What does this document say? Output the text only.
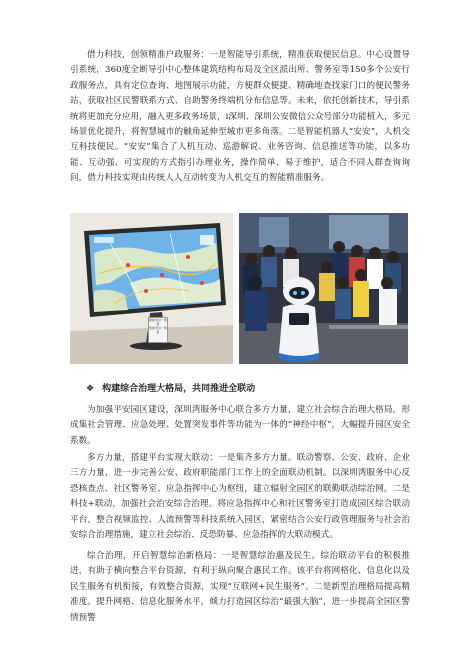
借力科技，创领精准户政服务：一是智能导引系统，精准获取便民信息。中心设置导引系统，360度全断导引中心整体建筑结构布局及全区派出所、警务室等150多个公安行政服务点，具有定位查询、地图展示功能，方便群众便捷、精确地查找家门口的便民警务站，获取社区民警联系方式、自助警务终端机分布信息等。未来，依托创新技术，导引系统将更加充分应用，融入更多政务场景，i深圳、深圳公安微信公众号部分功能植入，多元场景优化提升，将智慧城市的触角延伸至城市更多角落。二是智能机器人“安安”，人机交互科技便民。“安安”集合了人机互动、巡游解说、业务咨询、信息推送等功能，以多功能、互动强、可实现的方式指引办理业务，操作简单、易于维护，适合不同人群查询询问，借力科技实现由传统人人互动转变为人机交互的智能精准服务。

智能导引一体机
智能导引一体机
❖ 构建综合治理大格局，共同推进全联动

为加强平安园区建设，深圳湾服务中心联合多方力量，建立社会综合治理大格局，形成集社会管理、应急处理、处置突发事件等功能为一体的“神经中枢”，大幅提升园区安全系数。

多方力量，搭建平台实现大联动：一是集齐多方力量。联动警察、公安、政府、企业三方力量，进一步完善公安、政府职能部门工作上的全面联动机制。以深圳湾服务中心反恐核查点、社区警务室、应急指挥中心为枢纽，建立辐射全园区的联勤联动综治网。二是科技+联动，加强社会治安综合治理。将应急指挥中心和社区警务室打造成园区综合联动平台，整合视频监控、人流预警等科技系统入园区，紧密结合公安行政管理服务与社会治安综合治理措施，建立社会综治、反恐防暴、应急指挥的大联动模式。

综合治理，开启智慧综治新格局：一是智慧综治惠及民生。综治联动平台的积极推进，有助于横向整合平台资源，有利于纵向聚合惠民工作。该平台将网格化、信息化以及民生服务有机衔接，有效整合资源，实现“互联网+民生服务”。二是新型治理格局提高精准度。提升网格、信息化服务水平，倾力打造园区综治“最强大脑”，进一步提高全园区警情预警
